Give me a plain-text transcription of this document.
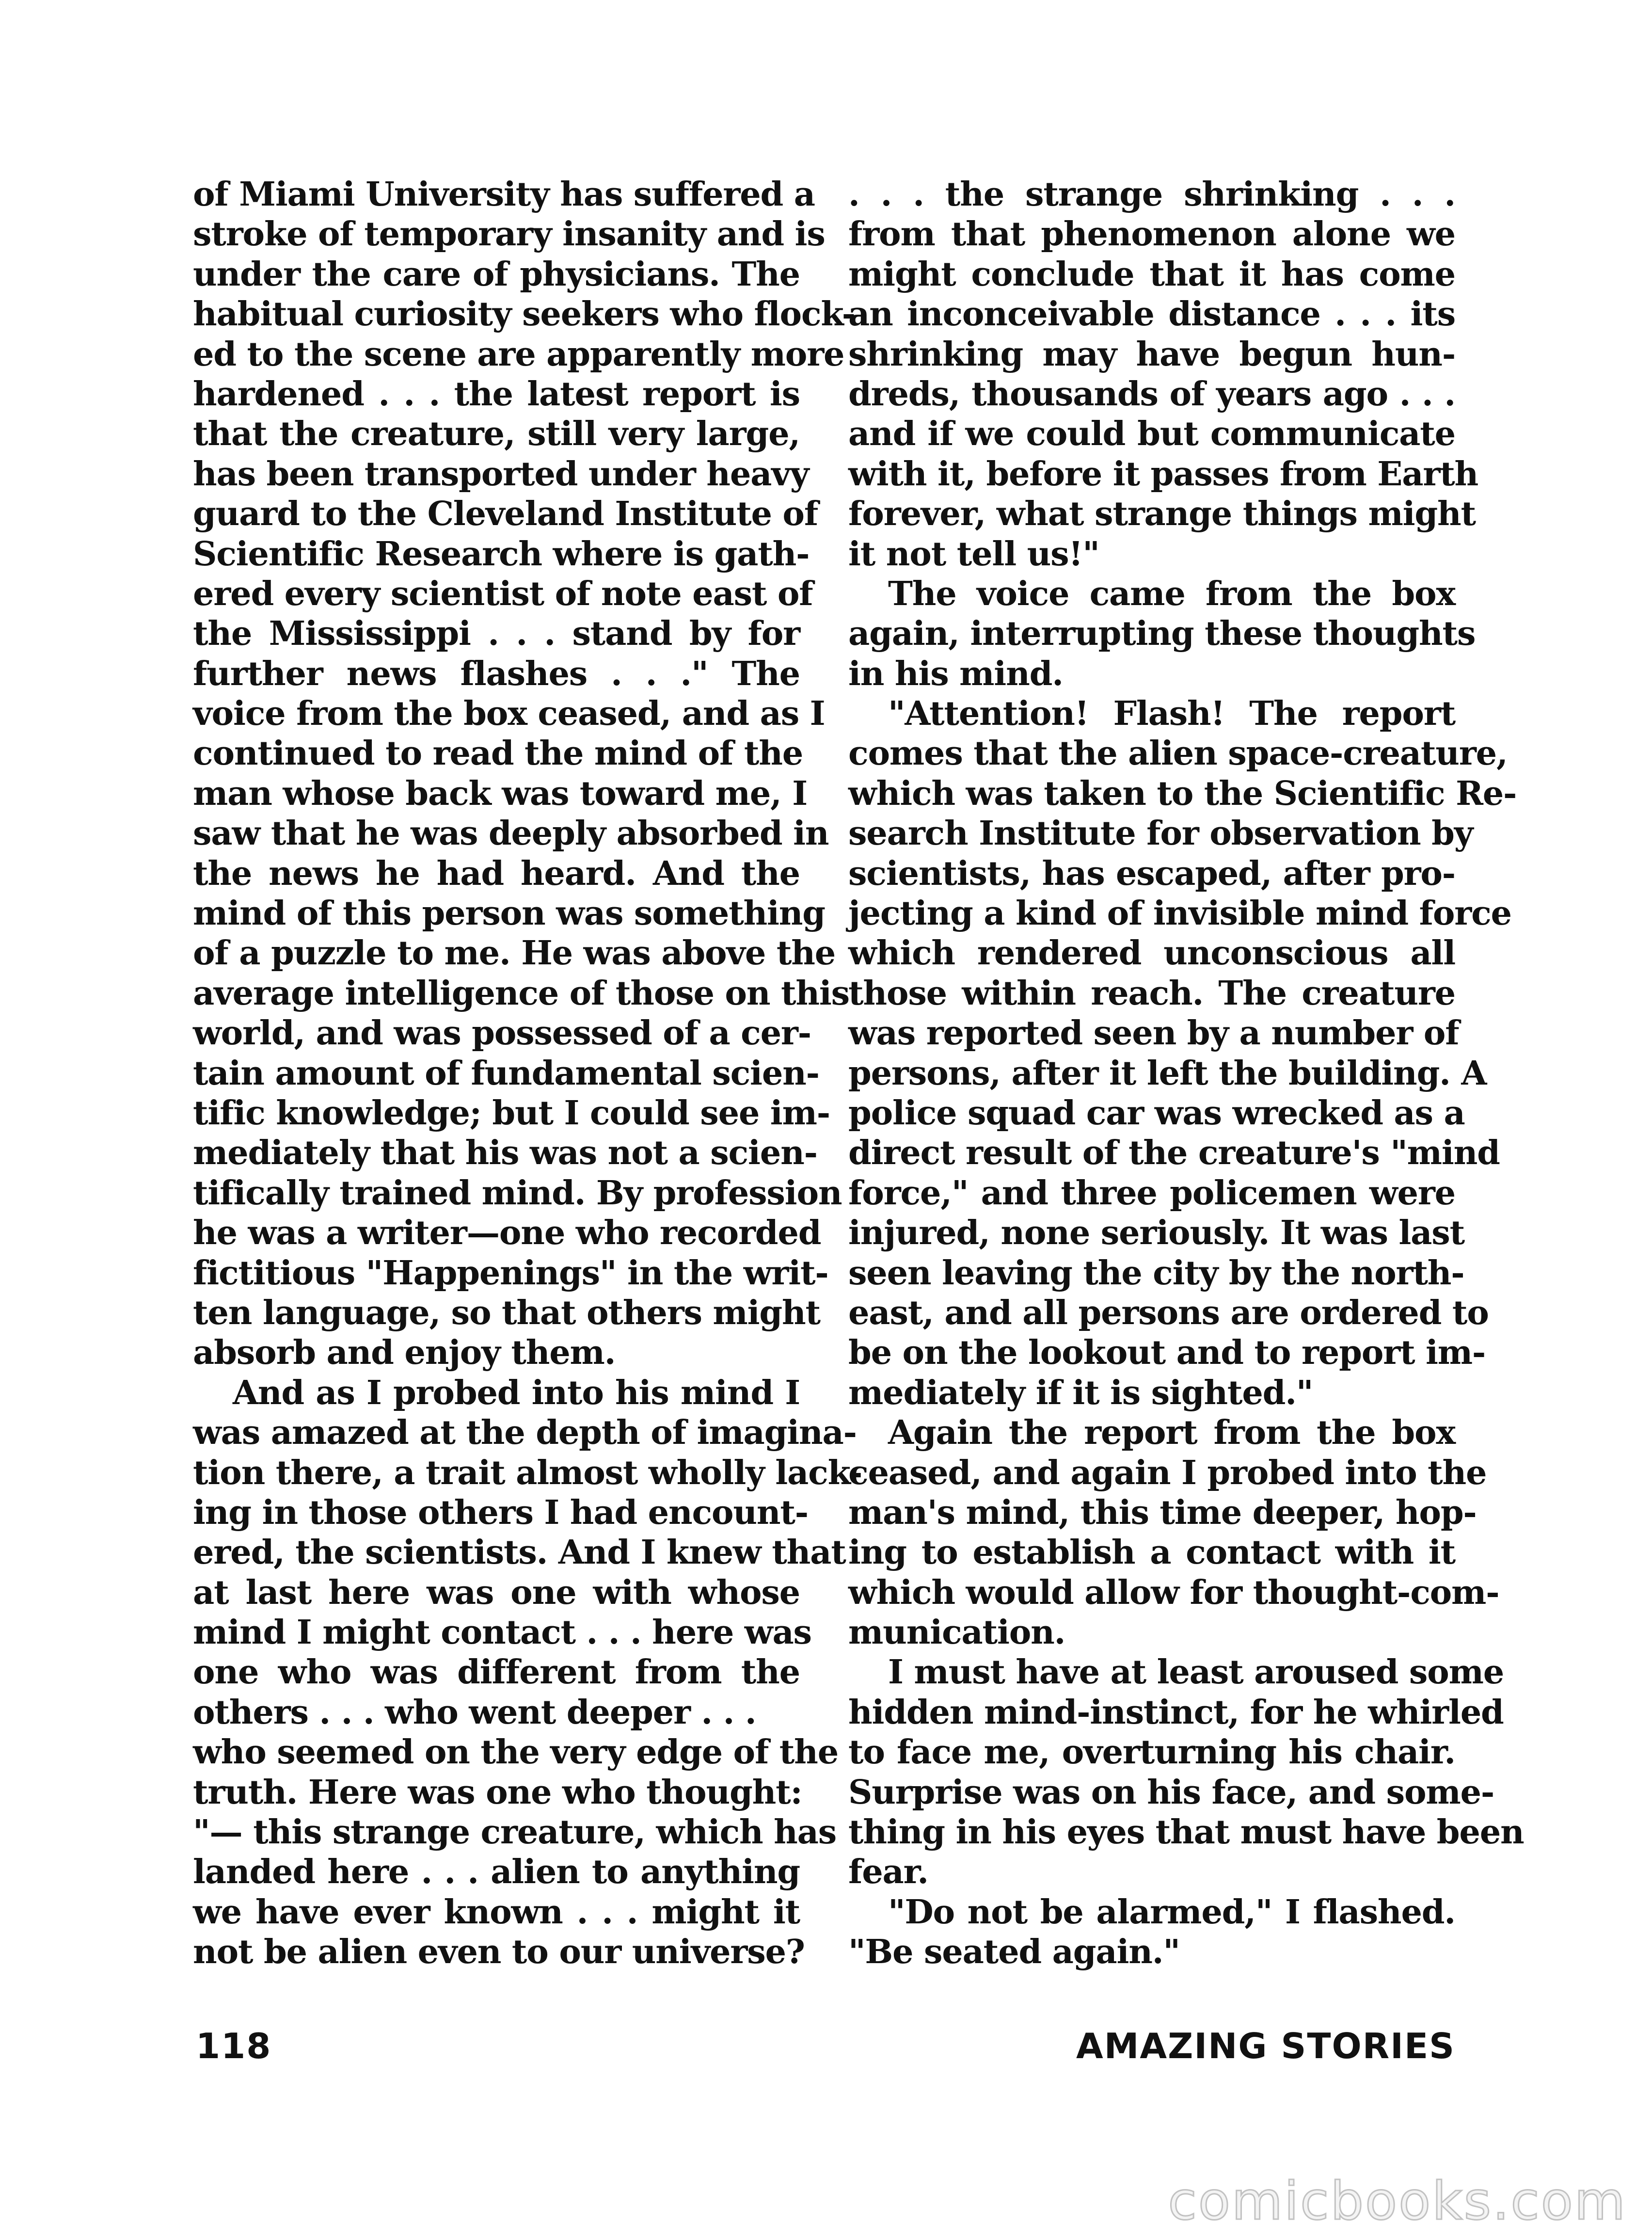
of Miami University has suffered a
stroke of temporary insanity and is
under the care of physicians. The
habitual curiosity seekers who flock-
ed to the scene are apparently more
hardened . . . the latest report is
that the creature, still very large,
has been transported under heavy
guard to the Cleveland Institute of
Scientific Research where is gath-
ered every scientist of note east of
the Mississippi . . . stand by for
further news flashes . . ." The
voice from the box ceased, and as I
continued to read the mind of the
man whose back was toward me, I
saw that he was deeply absorbed in
the news he had heard. And the
mind of this person was something
of a puzzle to me. He was above the
average intelligence of those on this
world, and was possessed of a cer-
tain amount of fundamental scien-
tific knowledge; but I could see im-
mediately that his was not a scien-
tifically trained mind. By profession
he was a writer—one who recorded
fictitious "Happenings" in the writ-
ten language, so that others might
absorb and enjoy them.
And as I probed into his mind I
was amazed at the depth of imagina-
tion there, a trait almost wholly lack-
ing in those others I had encount-
ered, the scientists. And I knew that
at last here was one with whose
mind I might contact . . . here was
one who was different from the
others . . . who went deeper . . .
who seemed on the very edge of the
truth. Here was one who thought:
"— this strange creature, which has
landed here . . . alien to anything
we have ever known . . . might it
not be alien even to our universe?
. . . the strange shrinking . . .
from that phenomenon alone we
might conclude that it has come
an inconceivable distance . . . its
shrinking may have begun hun-
dreds, thousands of years ago . . .
and if we could but communicate
with it, before it passes from Earth
forever, what strange things might
it not tell us!"
The voice came from the box
again, interrupting these thoughts
in his mind.
"Attention! Flash! The report
comes that the alien space-creature,
which was taken to the Scientific Re-
search Institute for observation by
scientists, has escaped, after pro-
jecting a kind of invisible mind force
which rendered unconscious all
those within reach. The creature
was reported seen by a number of
persons, after it left the building. A
police squad car was wrecked as a
direct result of the creature's "mind
force," and three policemen were
injured, none seriously. It was last
seen leaving the city by the north-
east, and all persons are ordered to
be on the lookout and to report im-
mediately if it is sighted."
Again the report from the box
ceased, and again I probed into the
man's mind, this time deeper, hop-
ing to establish a contact with it
which would allow for thought-com-
munication.
I must have at least aroused some
hidden mind-instinct, for he whirled
to face me, overturning his chair.
Surprise was on his face, and some-
thing in his eyes that must have been
fear.
"Do not be alarmed," I flashed.
"Be seated again."
118	AMAZING STORIES
comicbooks.com
